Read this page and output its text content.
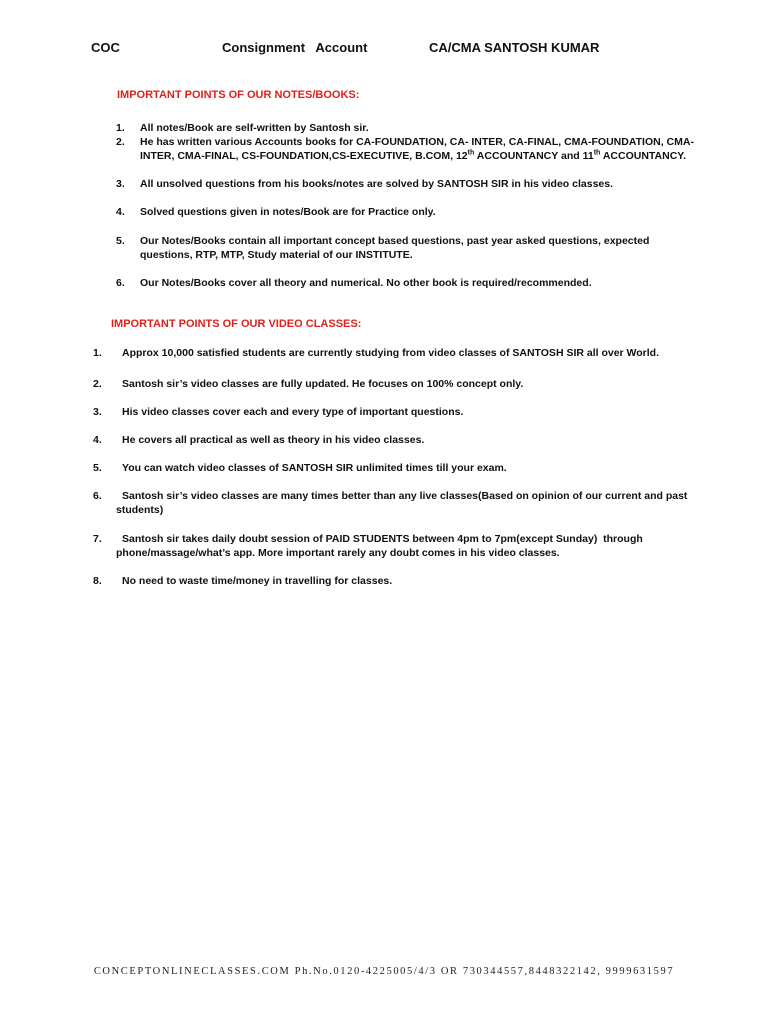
COC	Consignment   Account	CA/CMA SANTOSH KUMAR
IMPORTANT POINTS OF OUR NOTES/BOOKS:
1. All notes/Book are self-written by Santosh sir.
2. He has written various Accounts books for CA-FOUNDATION, CA- INTER, CA-FINAL, CMA-FOUNDATION, CMA-INTER, CMA-FINAL, CS-FOUNDATION,CS-EXECUTIVE, B.COM, 12th ACCOUNTANCY and 11th ACCOUNTANCY.
3. All unsolved questions from his books/notes are solved by SANTOSH SIR in his video classes.
4. Solved questions given in notes/Book are for Practice only.
5. Our Notes/Books contain all important concept based questions, past year asked questions, expected questions, RTP, MTP, Study material of our INSTITUTE.
6. Our Notes/Books cover all theory and numerical. No other book is required/recommended.
IMPORTANT POINTS OF OUR VIDEO CLASSES:
1. Approx 10,000 satisfied students are currently studying from video classes of SANTOSH SIR all over World.
2. Santosh sir’s video classes are fully updated. He focuses on 100% concept only.
3. His video classes cover each and every type of important questions.
4. He covers all practical as well as theory in his video classes.
5. You can watch video classes of SANTOSH SIR unlimited times till your exam.
6. Santosh sir’s video classes are many times better than any live classes(Based on opinion of our current and past
students)
7. Santosh sir takes daily doubt session of PAID STUDENTS between 4pm to 7pm(except Sunday)  through
phone/massage/what’s app. More important rarely any doubt comes in his video classes.
8. No need to waste time/money in travelling for classes.
CONCEPTONLINECLASSES.COM Ph.No.0120-4225005/4/3 OR 730344557,8448322142, 9999631597
